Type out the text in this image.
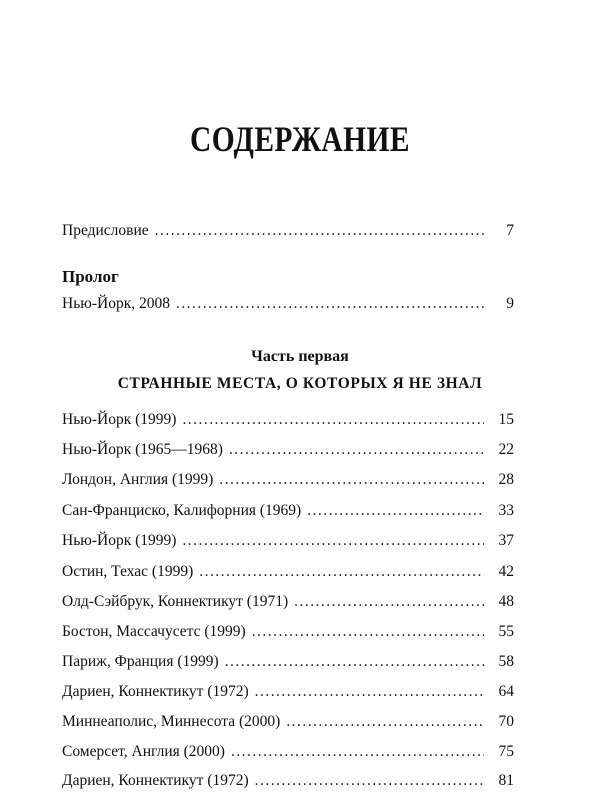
СОДЕРЖАНИЕ
Предисловие . . .	7
Пролог
Нью-Йорк, 2008 . . .	9
Часть первая
СТРАННЫЕ МЕСТА, О КОТОРЫХ Я НЕ ЗНАЛ
Нью-Йорк (1999) . . .	15
Нью-Йорк (1965—1968) . . .	22
Лондон, Англия (1999) . . .	28
Сан-Франциско, Калифорния (1969) . . .	33
Нью-Йорк (1999) . . .	37
Остин, Техас (1999) . . .	42
Олд-Сэйбрук, Коннектикут (1971) . . .	48
Бостон, Массачусетс (1999) . . .	55
Париж, Франция (1999) . . .	58
Дариен, Коннектикут (1972) . . .	64
Миннеаполис, Миннесота (2000) . . .	70
Сомерсет, Англия (2000) . . .	75
Дариен, Коннектикут (1972) . . .	81
